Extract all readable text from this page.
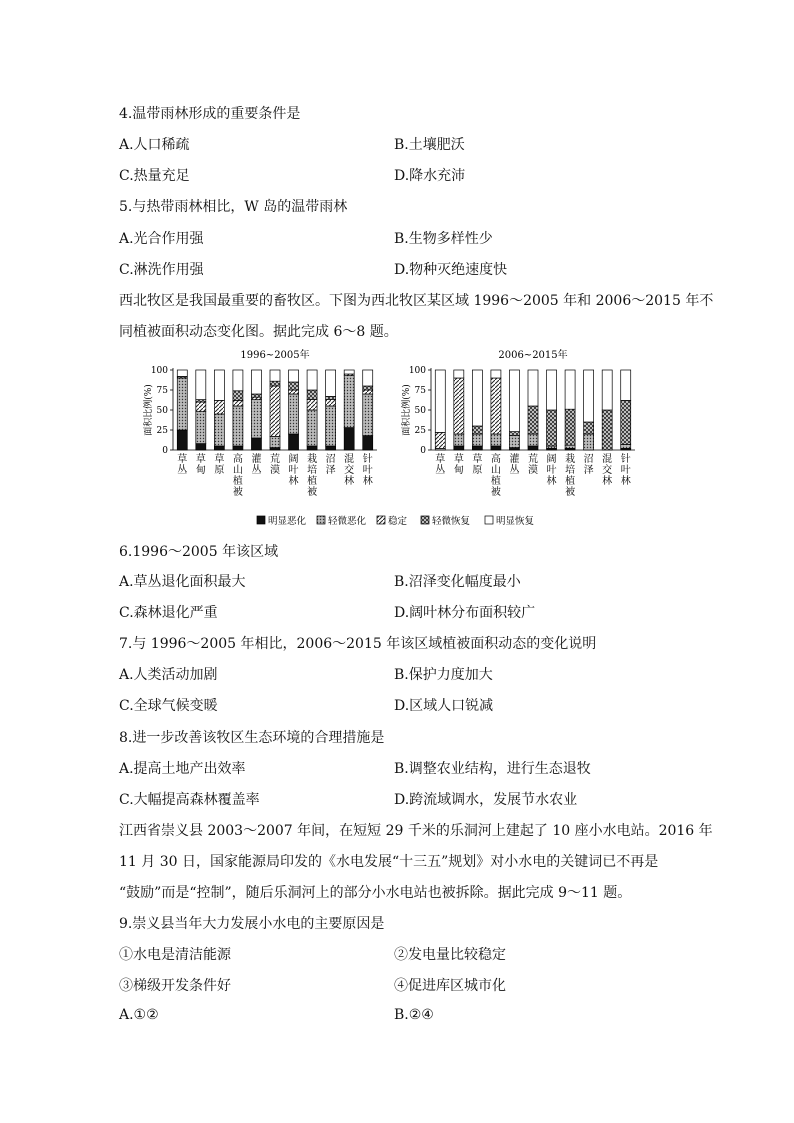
4.温带雨林形成的重要条件是
A.人口稀疏	B.土壤肥沃
C.热量充足	D.降水充沛
5.与热带雨林相比，W 岛的温带雨林
A.光合作用强	B.生物多样性少
C.淋洗作用强	D.物种灭绝速度快
西北牧区是我国最重要的畜牧区。下图为西北牧区某区域 1996～2005 年和 2006～2015 年不
同植被面积动态变化图。据此完成 6～8 题。
1996~2005年
面积比例(%)
0
25
50
75
100
草
丛
草
甸
草
原
高
山
植
被
灌
丛
荒
漠
阔
叶
林
栽
培
植
被
沼
泽
混
交
林
针
叶
林
2006~2015年
面积比例(%)
0
25
50
75
100
草
丛
草
甸
草
原
高
山
植
被
灌
丛
荒
漠
阔
叶
林
栽
培
植
被
沼
泽
混
交
林
针
叶
林
明显恶化 轻微恶化 稳定	轻微恢复	明显恢复
6.1996～2005 年该区域
A.草丛退化面积最大	B.沼泽变化幅度最小
C.森林退化严重	D.阔叶林分布面积较广
7.与 1996～2005 年相比，2006～2015 年该区域植被面积动态的变化说明
A.人类活动加剧	B.保护力度加大
C.全球气候变暖	D.区域人口锐减
8.进一步改善该牧区生态环境的合理措施是
A.提高土地产出效率	B.调整农业结构，进行生态退牧
C.大幅提高森林覆盖率	D.跨流域调水，发展节水农业
江西省崇义县 2003～2007 年间，在短短 29 千米的乐洞河上建起了 10 座小水电站。2016 年
11 月 30 日，国家能源局印发的《水电发展“十三五”规划》对小水电的关键词已不再是
“鼓励”而是“控制”，随后乐洞河上的部分小水电站也被拆除。据此完成 9～11 题。
9.崇义县当年大力发展小水电的主要原因是
①水电是清洁能源	②发电量比较稳定
③梯级开发条件好	④促进库区城市化
A.①②	B.②④
